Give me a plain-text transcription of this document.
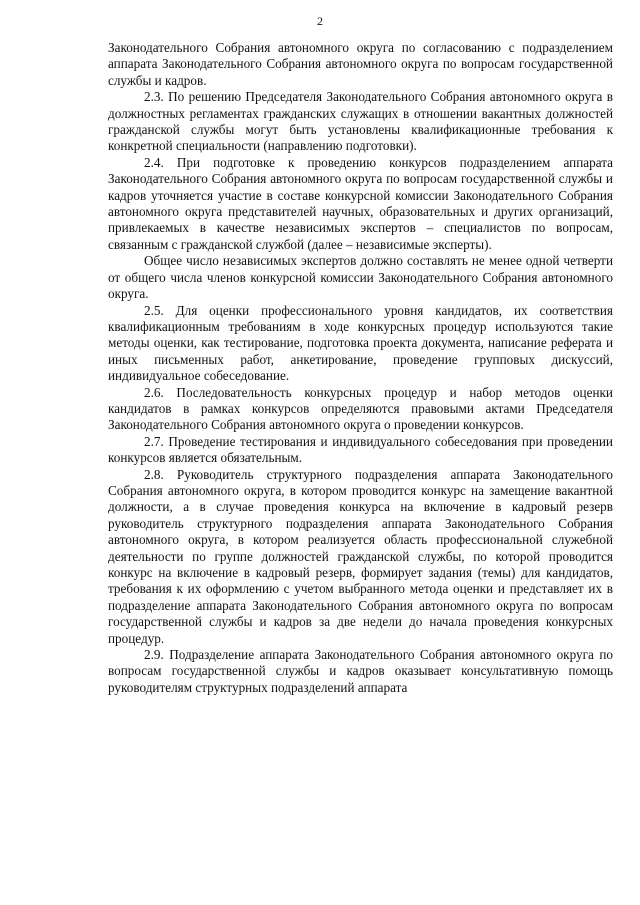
2

Законодательного Собрания автономного округа по согласованию с подразделением аппарата Законодательного Собрания автономного округа по вопросам государственной службы и кадров.

2.3. По решению Председателя Законодательного Собрания автономного округа в должностных регламентах гражданских служащих в отношении вакантных должностей гражданской службы могут быть установлены квалификационные требования к конкретной специальности (направлению подготовки).

2.4. При подготовке к проведению конкурсов подразделением аппарата Законодательного Собрания автономного округа по вопросам государственной службы и кадров уточняется участие в составе конкурсной комиссии Законодательного Собрания автономного округа представителей научных, образовательных и других организаций, привлекаемых в качестве независимых экспертов – специалистов по вопросам, связанным с гражданской службой (далее – независимые эксперты).

Общее число независимых экспертов должно составлять не менее одной четверти от общего числа членов конкурсной комиссии Законодательного Собрания автономного округа.

2.5. Для оценки профессионального уровня кандидатов, их соответствия квалификационным требованиям в ходе конкурсных процедур используются такие методы оценки, как тестирование, подготовка проекта документа, написание реферата и иных письменных работ, анкетирование, проведение групповых дискуссий, индивидуальное собеседование.

2.6. Последовательность конкурсных процедур и набор методов оценки кандидатов в рамках конкурсов определяются правовыми актами Председателя Законодательного Собрания автономного округа о проведении конкурсов.

2.7. Проведение тестирования и индивидуального собеседования при проведении конкурсов является обязательным.

2.8. Руководитель структурного подразделения аппарата Законодательного Собрания автономного округа, в котором проводится конкурс на замещение вакантной должности, а в случае проведения конкурса на включение в кадровый резерв руководитель структурного подразделения аппарата Законодательного Собрания автономного округа, в котором реализуется область профессиональной служебной деятельности по группе должностей гражданской службы, по которой проводится конкурс на включение в кадровый резерв, формирует задания (темы) для кандидатов, требования к их оформлению с учетом выбранного метода оценки и представляет их в подразделение аппарата Законодательного Собрания автономного округа по вопросам государственной службы и кадров за две недели до начала проведения конкурсных процедур.

2.9. Подразделение аппарата Законодательного Собрания автономного округа по вопросам государственной службы и кадров оказывает консультативную помощь руководителям структурных подразделений аппарата
